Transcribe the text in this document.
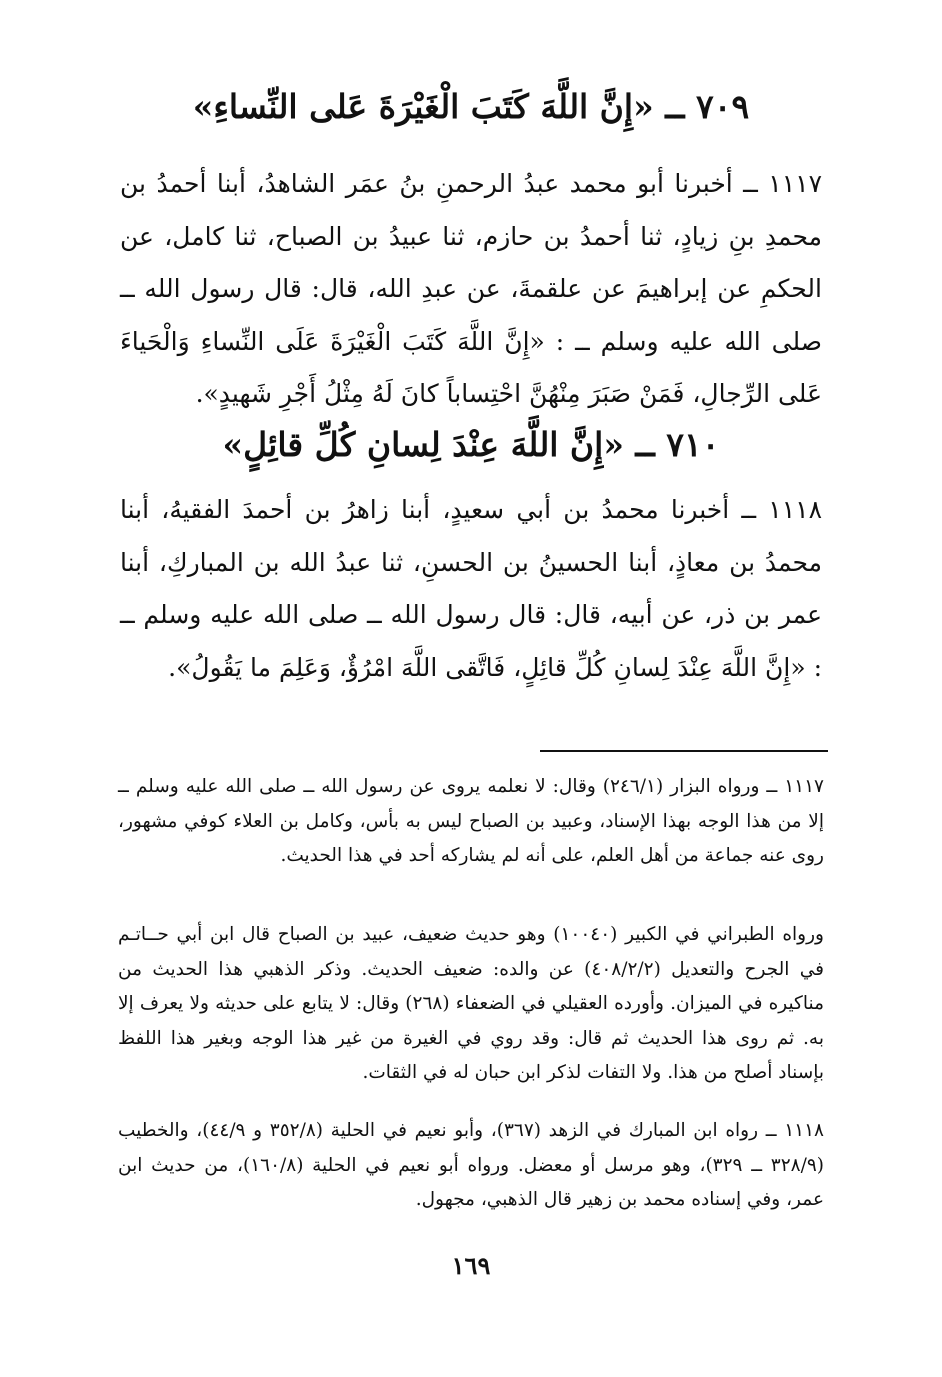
٧٠٩ ــ «إِنَّ اللَّهَ كَتَبَ الْغَيْرَةَ عَلى النِّساءِ»
١١١٧ ــ أخبرنا أبو محمد عبدُ الرحمنِ بنُ عمَر الشاهدُ، أبنا أحمدُ بن محمدِ بنِ زيادٍ، ثنا أحمدُ بن حازم، ثنا عبيدُ بن الصباح، ثنا كامل، عن الحكمِ عن إبراهيمَ عن علقمةَ، عن عبدِ الله، قال: قال رسول الله ــ صلى الله عليه وسلم ــ : «إِنَّ اللَّهَ كَتَبَ الْغَيْرَةَ عَلَى النِّساءِ وَالْحَياءَ عَلى الرِّجالِ، فَمَنْ صَبَرَ مِنْهُنَّ احْتِساباً كانَ لَهُ مِثْلُ أَجْرِ شَهيدٍ».
٧١٠ ــ «إِنَّ اللَّهَ عِنْدَ لِسانِ كُلِّ قائِلٍ»
١١١٨ ــ أخبرنا محمدُ بن أبي سعيدٍ، أبنا زاهرُ بن أحمدَ الفقيهُ، أبنا محمدُ بن معاذٍ، أبنا الحسينُ بن الحسنِ، ثنا عبدُ الله بن المباركِ، أبنا عمر بن ذر، عن أبيه، قال: قال رسول الله ــ صلى الله عليه وسلم ــ : «إِنَّ اللَّهَ عِنْدَ لِسانِ كُلِّ قائِلٍ، فَاتَّقى اللَّهَ امْرُؤٌ، وَعَلِمَ ما يَقُولُ».
١١١٧ ــ ورواه البزار (٢٤٦/١) وقال: لا نعلمه يروى عن رسول الله ــ صلى الله عليه وسلم ــ إلا من هذا الوجه بهذا الإسناد، وعبيد بن الصباح ليس به بأس، وكامل بن العلاء كوفي مشهور، روى عنه جماعة من أهل العلم، على أنه لم يشاركه أحد في هذا الحديث.
ورواه الطبراني في الكبير (١٠٠٤٠) وهو حديث ضعيف، عبيد بن الصباح قال ابن أبي حــاتـم في الجرح والتعديل (٤٠٨/٢/٢) عن والده: ضعيف الحديث. وذكر الذهبي هذا الحديث من مناكيره في الميزان. وأورده العقيلي في الضعفاء (٢٦٨) وقال: لا يتابع على حديثه ولا يعرف إلا به. ثم روى هذا الحديث ثم قال: وقد روي في الغيرة من غير هذا الوجه وبغير هذا اللفظ بإسناد أصلح من هذا. ولا التفات لذكر ابن حبان له في الثقات.
١١١٨ ــ رواه ابن المبارك في الزهد (٣٦٧)، وأبو نعيم في الحلية (٣٥٢/٨ و ٤٤/٩)، والخطيب (٣٢٨/٩ ــ ٣٢٩)، وهو مرسل أو معضل. ورواه أبو نعيم في الحلية (١٦٠/٨)، من حديث ابن عمر، وفي إسناده محمد بن زهير قال الذهبي، مجهول.
١٦٩
